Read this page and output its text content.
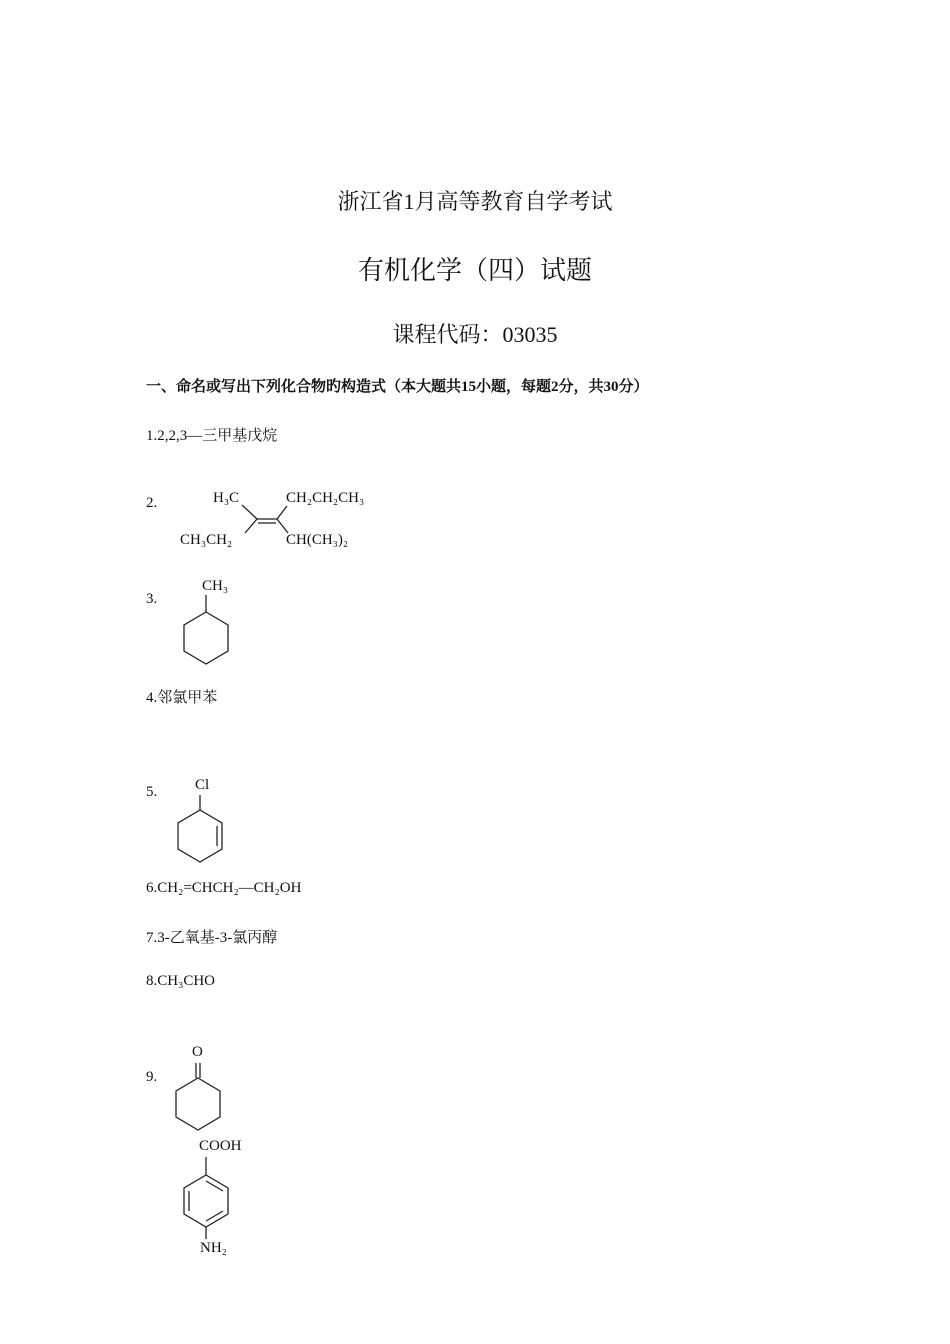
浙江省1月高等教育自学考试
有机化学（四）试题
课程代码：03035
一、命名或写出下列化合物旳构造式（本大题共15小题，每题2分，共30分）
1.2,2,3—三甲基戊烷
2.	H₃C	CH₂CH₂CH₃
CH₃CH₂	CH(CH₃)₂
3.
CH₃
4.邻氯甲苯
5.	Cl
6.CH₂=CHCH₂—CH₂OH
7.3-乙氧基-3-氯丙醇
8.CH₃CHO
9.
O
COOH
NH₂
